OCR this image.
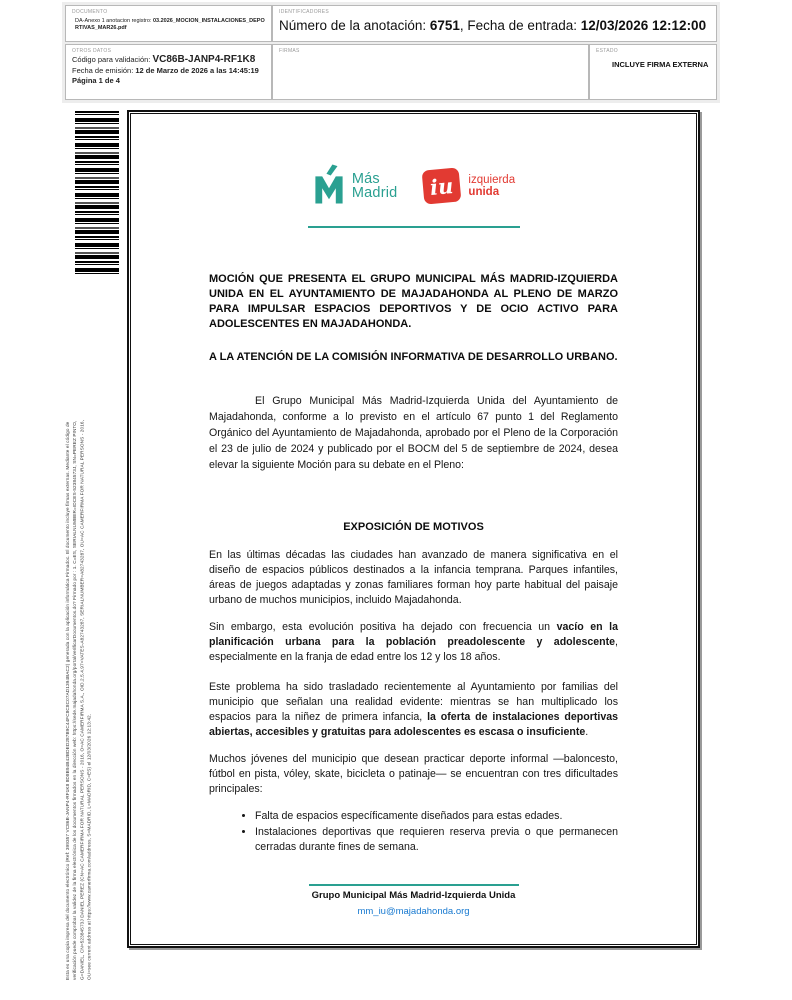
DOCUMENTO
DA-Anexo 1 anotacion registro: 03.2026_MOCION_INSTALACIONES_DEPORTIVAS_MAR26.pdf
IDENTIFICADORES
Número de la anotación: 6751, Fecha de entrada: 12/03/2026 12:12:00
OTROS DATOS
Código para validación: VC86B-JANP4-RF1K8
Fecha de emisión: 12 de Marzo de 2026 a las 14:45:19
Página 1 de 4
FIRMAS	ESTADO
INCLUYE FIRMA EXTERNA
Esta es una copia impresa del documento electrónico (Ref: 399357 VC86B-JANP4-RF1K8 8D8B94B42BDED287B9C44FC8C8C07AD1394BAC2) generada con la aplicación informática Firmadoc. El documento incluye firmas externas. Mediante el código de verificación puede comprobar la validez de la firma electrónica de los documentos firmados en la dirección web: https://sede.majadahonda.org/portal/verificarDocumentos.do? Firmado por : 1. C=ES, SERIALNUMBER=IDCES-52384573J, SN=PEREZ PINTO, G=DANIEL, CN=52384573J DANIEL PEREZ (CN=AC CAMERFIRMA FOR NATURAL PERSONS - 2016, O=AC CAMERFIRMA S.A., OID.2.5.4.97=VATES-A82743287, SERIALNUMBER=A82743287, OU=AC CAMERFIRMA FOR NATURAL PERSONS - 2016, OU=see current address at https://www.camerfirma.com/address, S=MADRID, L=MADRID, C=ES) el 12/03/2026 12:13:42.
Más
Madrid	iu	izquierda
unida

MOCIÓN QUE PRESENTA EL GRUPO MUNICIPAL MÁS MADRID-IZQUIERDA UNIDA EN EL AYUNTAMIENTO DE MAJADAHONDA AL PLENO DE MARZO PARA IMPULSAR ESPACIOS DEPORTIVOS Y DE OCIO ACTIVO PARA ADOLESCENTES EN MAJADAHONDA.

A LA ATENCIÓN DE LA COMISIÓN INFORMATIVA DE DESARROLLO URBANO.

El Grupo Municipal Más Madrid-Izquierda Unida del Ayuntamiento de Majadahonda, conforme a lo previsto en el artículo 67 punto 1 del Reglamento Orgánico del Ayuntamiento de Majadahonda, aprobado por el Pleno de la Corporación el 23 de julio de 2024 y publicado por el BOCM del 5 de septiembre de 2024, desea elevar la siguiente Moción para su debate en el Pleno:

EXPOSICIÓN DE MOTIVOS

En las últimas décadas las ciudades han avanzado de manera significativa en el diseño de espacios públicos destinados a la infancia temprana. Parques infantiles, áreas de juegos adaptadas y zonas familiares forman hoy parte habitual del paisaje urbano de muchos municipios, incluido Majadahonda.

Sin embargo, esta evolución positiva ha dejado con frecuencia un vacío en la planificación urbana para la población preadolescente y adolescente, especialmente en la franja de edad entre los 12 y los 18 años.

Este problema ha sido trasladado recientemente al Ayuntamiento por familias del municipio que señalan una realidad evidente: mientras se han multiplicado los espacios para la niñez de primera infancia, la oferta de instalaciones deportivas abiertas, accesibles y gratuitas para adolescentes es escasa o insuficiente.

Muchos jóvenes del municipio que desean practicar deporte informal —baloncesto, fútbol en pista, vóley, skate, bicicleta o patinaje— se encuentran con tres dificultades principales:

• Falta de espacios específicamente diseñados para estas edades.
• Instalaciones deportivas que requieren reserva previa o que permanecen cerradas durante fines de semana.
Grupo Municipal Más Madrid-Izquierda Unida
mm_iu@majadahonda.org
